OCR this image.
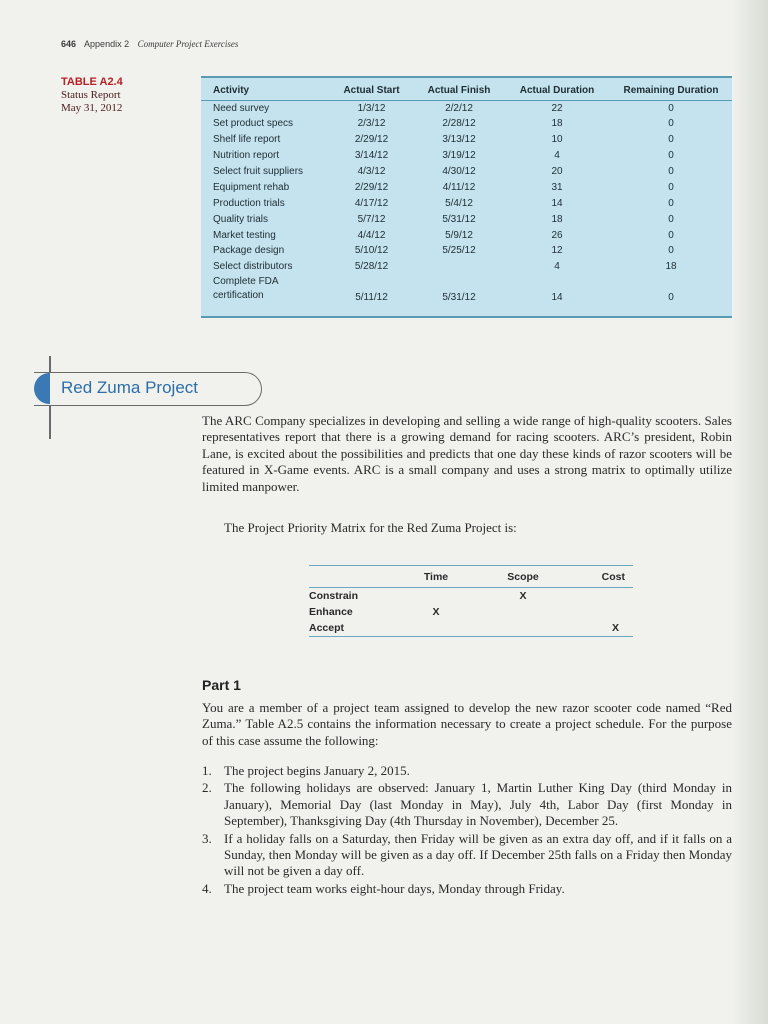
646 Appendix 2 Computer Project Exercises
TABLE A2.4
Status Report
May 31, 2012
Activity	Actual Start	Actual Finish	Actual Duration	Remaining Duration
Need survey	1/3/12	2/2/12	22	0
Set product specs	2/3/12	2/28/12	18	0
Shelf life report	2/29/12	3/13/12	10	0
Nutrition report	3/14/12	3/19/12	4	0
Select fruit suppliers	4/3/12	4/30/12	20	0
Equipment rehab	2/29/12	4/11/12	31	0
Production trials	4/17/12	5/4/12	14	0
Quality trials	5/7/12	5/31/12	18	0
Market testing	4/4/12	5/9/12	26	0
Package design	5/10/12	5/25/12	12	0
Select distributors	5/28/12		4	18

Complete FDA
certification	5/11/12	5/31/12	14	0
Red Zuma Project
The ARC Company specializes in developing and selling a wide range of high-quality scooters. Sales representatives report that there is a growing demand for racing scooters. ARC’s president, Robin Lane, is excited about the possibilities and predicts that one day these kinds of razor scooters will be featured in X-Game events. ARC is a small company and uses a strong matrix to optimally utilize limited manpower.
The Project Priority Matrix for the Red Zuma Project is:
	Time	Scope	Cost
Constrain		X	
Enhance	X		
Accept			X
Part 1
You are a member of a project team assigned to develop the new razor scooter code named “Red Zuma.” Table A2.5 contains the information necessary to create a project schedule. For the purpose of this case assume the following:
1. The project begins January 2, 2015.
2. The following holidays are observed: January 1, Martin Luther King Day (third Monday in January), Memorial Day (last Monday in May), July 4th, Labor Day (first Monday in September), Thanksgiving Day (4th Thursday in November), December 25.
3. If a holiday falls on a Saturday, then Friday will be given as an extra day off, and if it falls on a Sunday, then Monday will be given as a day off. If December 25th falls on a Friday then Monday will not be given a day off.
4. The project team works eight-hour days, Monday through Friday.
